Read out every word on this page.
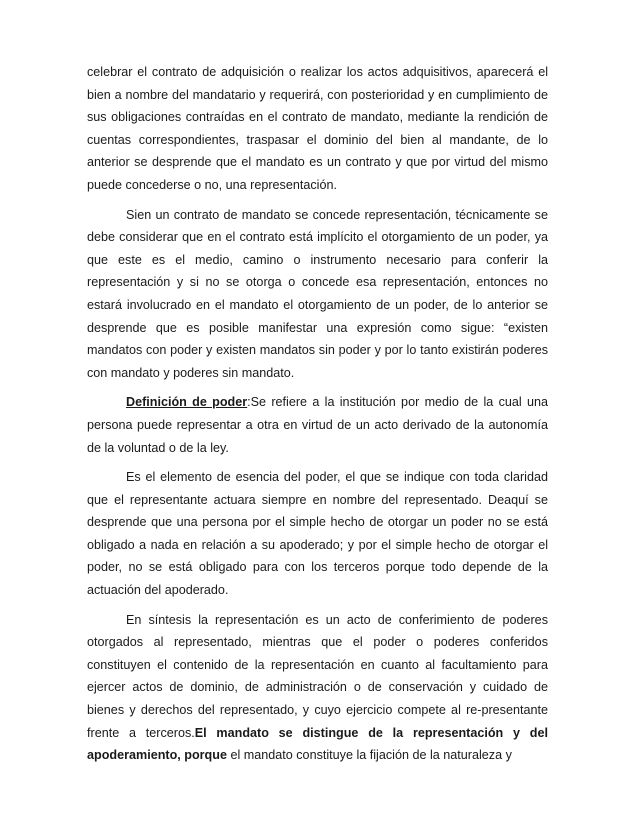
celebrar el contrato de adquisición o realizar los actos adquisitivos, aparecerá el bien a nombre del mandatario y requerirá, con posterioridad y en cumplimiento de sus obligaciones contraídas en el contrato de mandato, mediante la rendición de cuentas correspondientes, traspasar el dominio del bien al mandante, de lo anterior se desprende que el mandato es un contrato y que por virtud del mismo puede concederse o no, una representación.

Sien un contrato de mandato se concede representación, técnicamente se debe considerar que en el contrato está implícito el otorgamiento de un poder, ya que este es el medio, camino o instrumento necesario para conferir la representación y si no se otorga o concede esa representación, entonces no estará involucrado en el mandato el otorgamiento de un poder, de lo anterior se desprende que es posible manifestar una expresión como sigue: “existen mandatos con poder y existen mandatos sin poder y por lo tanto existirán poderes con mandato y poderes sin mandato.

Definición de poder:Se refiere a la institución por medio de la cual una persona puede representar a otra en virtud de un acto derivado de la autonomía de la voluntad o de la ley.

Es el elemento de esencia del poder, el que se indique con toda claridad que el representante actuara siempre en nombre del representado. Deaquí se desprende que una persona por el simple hecho de otorgar un poder no se está obligado a nada en relación a su apoderado; y por el simple hecho de otorgar el poder, no se está obligado para con los terceros porque todo depende de la actuación del apoderado.

En síntesis la representación es un acto de conferimiento de poderes otorgados al representado, mientras que el poder o poderes conferidos constituyen el contenido de la representación en cuanto al facultamiento para ejercer actos de dominio, de administración o de conservación y cuidado de bienes y derechos del representado, y cuyo ejercicio compete al re-presentante frente a terceros.El mandato se distingue de la representación y del apoderamiento, porque el mandato constituye la fijación de la naturaleza y
